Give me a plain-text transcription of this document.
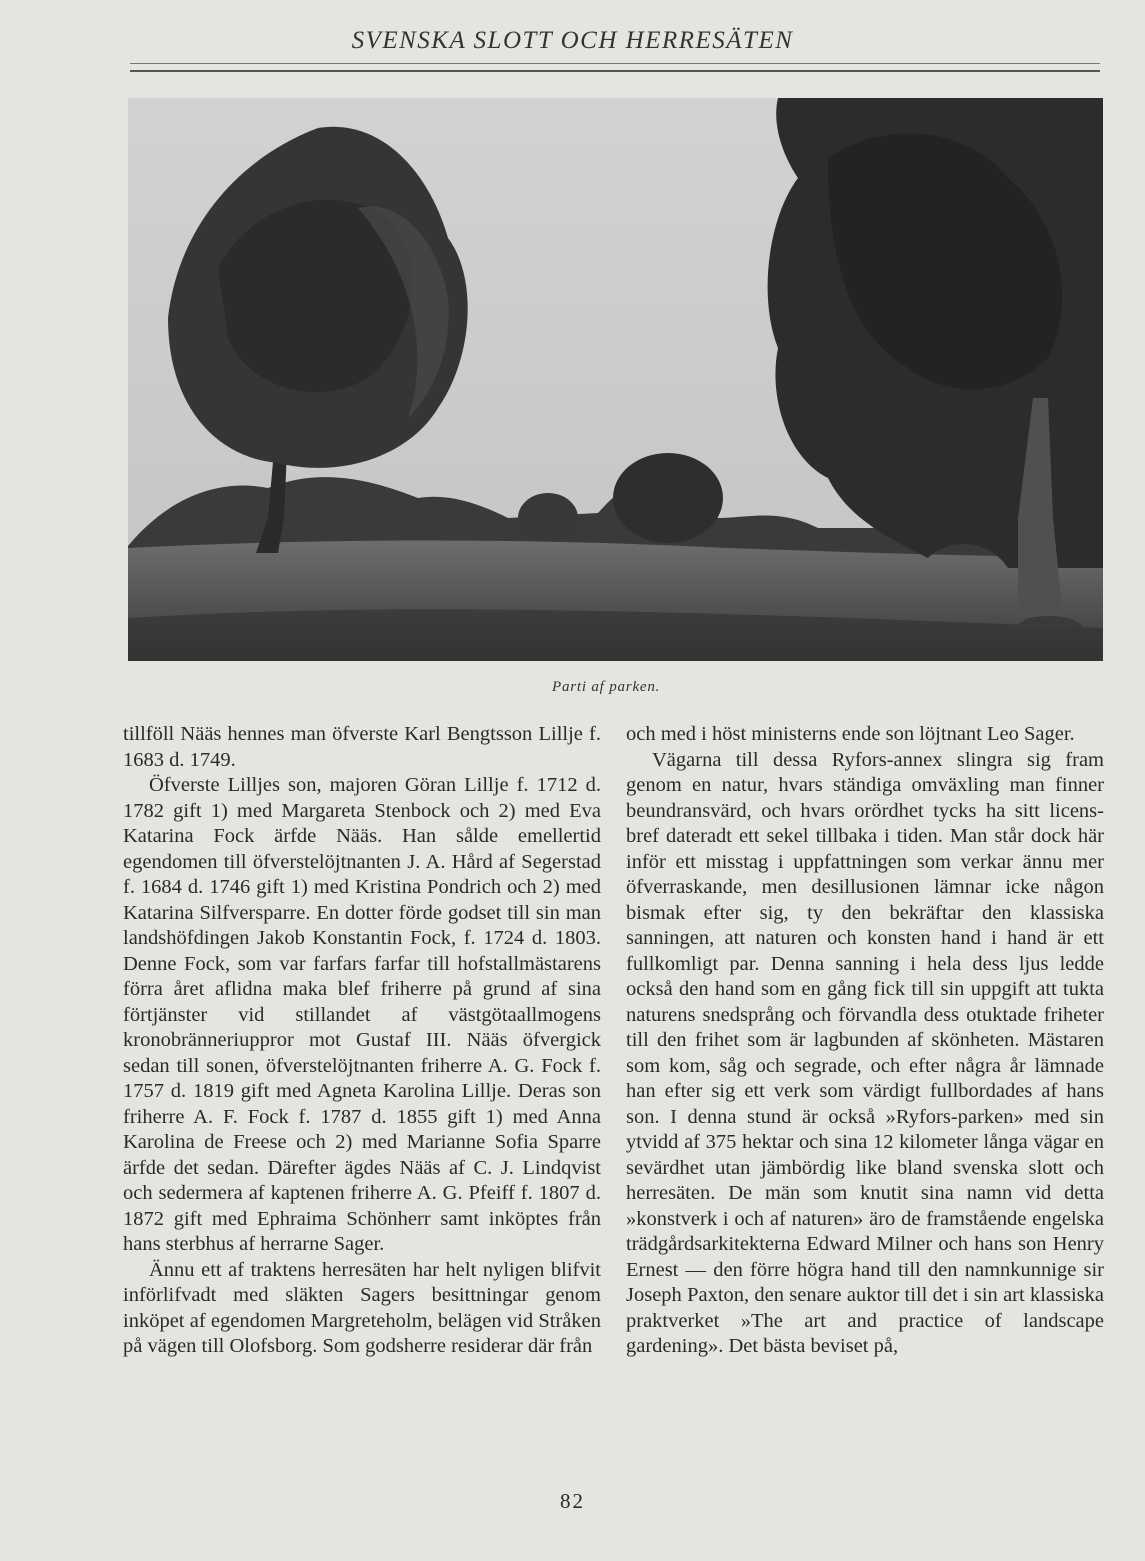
SVENSKA SLOTT OCH HERRESÄTEN
Parti af parken.

tillföll Nääs hennes man öfverste Karl Bengtsson Lillje f. 1683 d. 1749.

Öfverste Lilljes son, majoren Göran Lillje f. 1712 d. 1782 gift 1) med Margareta Stenbock och 2) med Eva Katarina Fock ärfde Nääs. Han sålde emellertid egendomen till öfverstelöjtnanten J. A. Hård af Segerstad f. 1684 d. 1746 gift 1) med Kristina Pondrich och 2) med Katarina Silfversparre. En dotter förde godset till sin man landshöfdingen Jakob Konstantin Fock, f. 1724 d. 1803. Denne Fock, som var farfars farfar till hofstallmästarens förra året aflidna maka blef friherre på grund af sina förtjänster vid stillandet af västgötaallmogens kronobränneriuppror mot Gustaf III. Nääs öfvergick sedan till sonen, öfverstelöjtnanten friherre A. G. Fock f. 1757 d. 1819 gift med Agneta Karolina Lillje. Deras son friherre A. F. Fock f. 1787 d. 1855 gift 1) med Anna Karolina de Freese och 2) med Marianne Sofia Sparre ärfde det sedan. Därefter ägdes Nääs af C. J. Lindqvist och sedermera af kaptenen friherre A. G. Pfeiff f. 1807 d. 1872 gift med Ephraima Schönherr samt inköptes från hans sterbhus af herrarne Sager.

Ännu ett af traktens herresäten har helt nyligen blifvit införlifvadt med släkten Sagers besittningar genom inköpet af egendomen Margreteholm, belägen vid Stråken på vägen till Olofsborg. Som godsherre residerar där från

och med i höst ministerns ende son löjtnant Leo Sager.

Vägarna till dessa Ryfors-annex slingra sig fram genom en natur, hvars ständiga omväxling man finner beundransvärd, och hvars orördhet tycks ha sitt licens-bref dateradt ett sekel tillbaka i tiden. Man står dock här inför ett misstag i uppfattningen som verkar ännu mer öfverraskande, men desillusionen lämnar icke någon bismak efter sig, ty den bekräftar den klassiska sanningen, att naturen och konsten hand i hand är ett fullkomligt par. Denna sanning i hela dess ljus ledde också den hand som en gång fick till sin uppgift att tukta naturens snedsprång och förvandla dess otuktade friheter till den frihet som är lagbunden af skönheten. Mästaren som kom, såg och segrade, och efter några år lämnade han efter sig ett verk som värdigt fullbordades af hans son. I denna stund är också »Ryfors-parken» med sin ytvidd af 375 hektar och sina 12 kilometer långa vägar en sevärdhet utan jämbördig like bland svenska slott och herresäten. De män som knutit sina namn vid detta »konstverk i och af naturen» äro de framstående engelska trädgårdsarkitekterna Edward Milner och hans son Henry Ernest — den förre högra hand till den namnkunnige sir Joseph Paxton, den senare auktor till det i sin art klassiska praktverket »The art and practice of landscape gardening». Det bästa beviset på,

82
